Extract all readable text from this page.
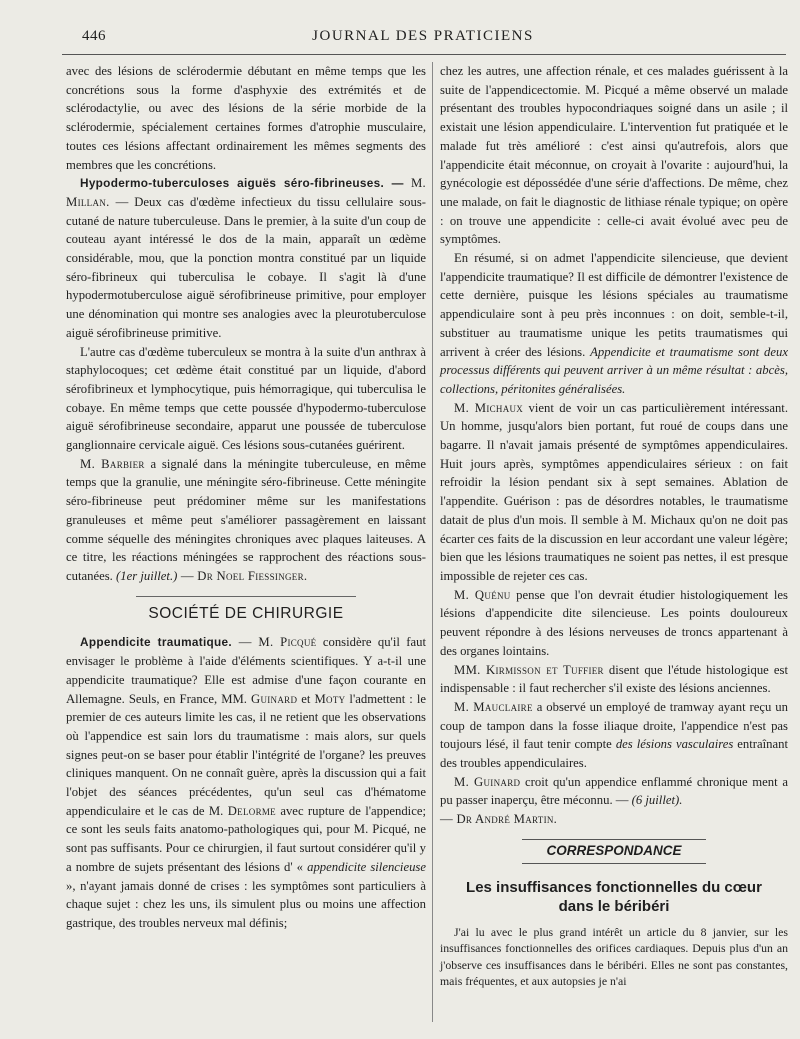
446	JOURNAL DES PRATICIENS

avec des lésions de sclérodermie débutant en même temps que les concrétions sous la forme d'asphyxie des extrémités et de sclérodactylie, ou avec des lésions de la série morbide de la sclérodermie, spécialement certaines formes d'atrophie musculaire, toutes ces lésions affectant ordinairement les mêmes segments des membres que les concrétions.

Hypodermo-tuberculoses aiguës séro-fibrineuses. — M. Millan. — Deux cas d'œdème infectieux du tissu cellulaire sous-cutané de nature tuberculeuse. Dans le premier, à la suite d'un coup de couteau ayant intéressé le dos de la main, apparaît un œdème considérable, mou, que la ponction montra constitué par un liquide séro-fibrineux qui tuberculisa le cobaye. Il s'agit là d'une hypodermotuberculose aiguë sérofibrineuse primitive, pour employer une dénomination qui montre ses analogies avec la pleurotuberculose aiguë sérofibrineuse primitive.

L'autre cas d'œdème tuberculeux se montra à la suite d'un anthrax à staphylocoques; cet œdème était constitué par un liquide, d'abord sérofibrineux et lymphocytique, puis hémorragique, qui tuberculisa le cobaye. En même temps que cette poussée d'hypodermo-tuberculose aiguë sérofibrineuse secondaire, apparut une poussée de tuberculose ganglionnaire cervicale aiguë. Ces lésions sous-cutanées guérirent.

M. Barbier a signalé dans la méningite tuberculeuse, en même temps que la granulie, une méningite séro-fibrineuse. Cette méningite séro-fibrineuse peut prédominer même sur les manifestations granuleuses et même peut s'améliorer passagèrement en laissant comme séquelle des méningites chroniques avec plaques laiteuses. A ce titre, les réactions méningées se rapprochent des réactions sous-cutanées. (1er juillet.) — Dr Noel Fiessinger.

SOCIÉTÉ DE CHIRURGIE

Appendicite traumatique. — M. Picqué considère qu'il faut envisager le problème à l'aide d'éléments scientifiques. Y a-t-il une appendicite traumatique? Elle est admise d'une façon courante en Allemagne. Seuls, en France, MM. Guinard et Moty l'admettent : le premier de ces auteurs limite les cas, il ne retient que les observations où l'appendice est sain lors du traumatisme : mais alors, sur quels signes peut-on se baser pour établir l'intégrité de l'organe? les preuves cliniques manquent. On ne connaît guère, après la discussion qui a fait l'objet des séances précédentes, qu'un seul cas d'hématome appendiculaire et le cas de M. Delorme avec rupture de l'appendice; ce sont les seuls faits anatomo-pathologiques qui, pour M. Picqué, ne sont pas suffisants. Pour ce chirurgien, il faut surtout considérer qu'il y a nombre de sujets présentant des lésions d' « appendicite silencieuse », n'ayant jamais donné de crises : les symptômes sont particuliers à chaque sujet : chez les uns, ils simulent plus ou moins une affection gastrique, des troubles nerveux mal définis;

chez les autres, une affection rénale, et ces malades guérissent à la suite de l'appendicectomie. M. Picqué a même observé un malade présentant des troubles hypocondriaques soigné dans un asile ; il existait une lésion appendiculaire. L'intervention fut pratiquée et le malade fut très amélioré : c'est ainsi qu'autrefois, alors que l'appendicite était méconnue, on croyait à l'ovarite : aujourd'hui, la gynécologie est dépossédée d'une série d'affections. De même, chez une malade, on fait le diagnostic de lithiase rénale typique; on opère : on trouve une appendicite : celle-ci avait évolué avec peu de symptômes.

En résumé, si on admet l'appendicite silencieuse, que devient l'appendicite traumatique? Il est difficile de démontrer l'existence de cette dernière, puisque les lésions spéciales au traumatisme appendiculaire sont à peu près inconnues : on doit, semble-t-il, substituer au traumatisme unique les petits traumatismes qui arrivent à créer des lésions. Appendicite et traumatisme sont deux processus différents qui peuvent arriver à un même résultat : abcès, collections, péritonites généralisées.

M. Michaux vient de voir un cas particulièrement intéressant. Un homme, jusqu'alors bien portant, fut roué de coups dans une bagarre. Il n'avait jamais présenté de symptômes appendiculaires. Huit jours après, symptômes appendiculaires sérieux : on fait refroidir la lésion pendant six à sept semaines. Ablation de l'appendite. Guérison : pas de désordres notables, le traumatisme datait de plus d'un mois. Il semble à M. Michaux qu'on ne doit pas écarter ces faits de la discussion en leur accordant une valeur légère; bien que les lésions traumatiques ne soient pas nettes, il est presque impossible de rejeter ces cas.

M. Quénu pense que l'on devrait étudier histologiquement les lésions d'appendicite dite silencieuse. Les points douloureux peuvent répondre à des lésions nerveuses de troncs appartenant à des organes lointains.

MM. Kirmisson et Tuffier disent que l'étude histologique est indispensable : il faut rechercher s'il existe des lésions anciennes.

M. Mauclaire a observé un employé de tramway ayant reçu un coup de tampon dans la fosse iliaque droite, l'appendice n'est pas toujours lésé, il faut tenir compte des lésions vasculaires entraînant des troubles appendiculaires.

M. Guinard croit qu'un appendice enflammé chronique ment a pu passer inaperçu, être méconnu. — (6 juillet).

— Dr André Martin.

CORRESPONDANCE
Les insuffisances fonctionnelles du cœur
dans le béribéri

J'ai lu avec le plus grand intérêt un article du 8 janvier, sur les insuffisances fonctionnelles des orifices cardiaques. Depuis plus d'un an j'observe ces insuffisances dans le béribéri. Elles ne sont pas constantes, mais fréquentes, et aux autopsies je n'ai
